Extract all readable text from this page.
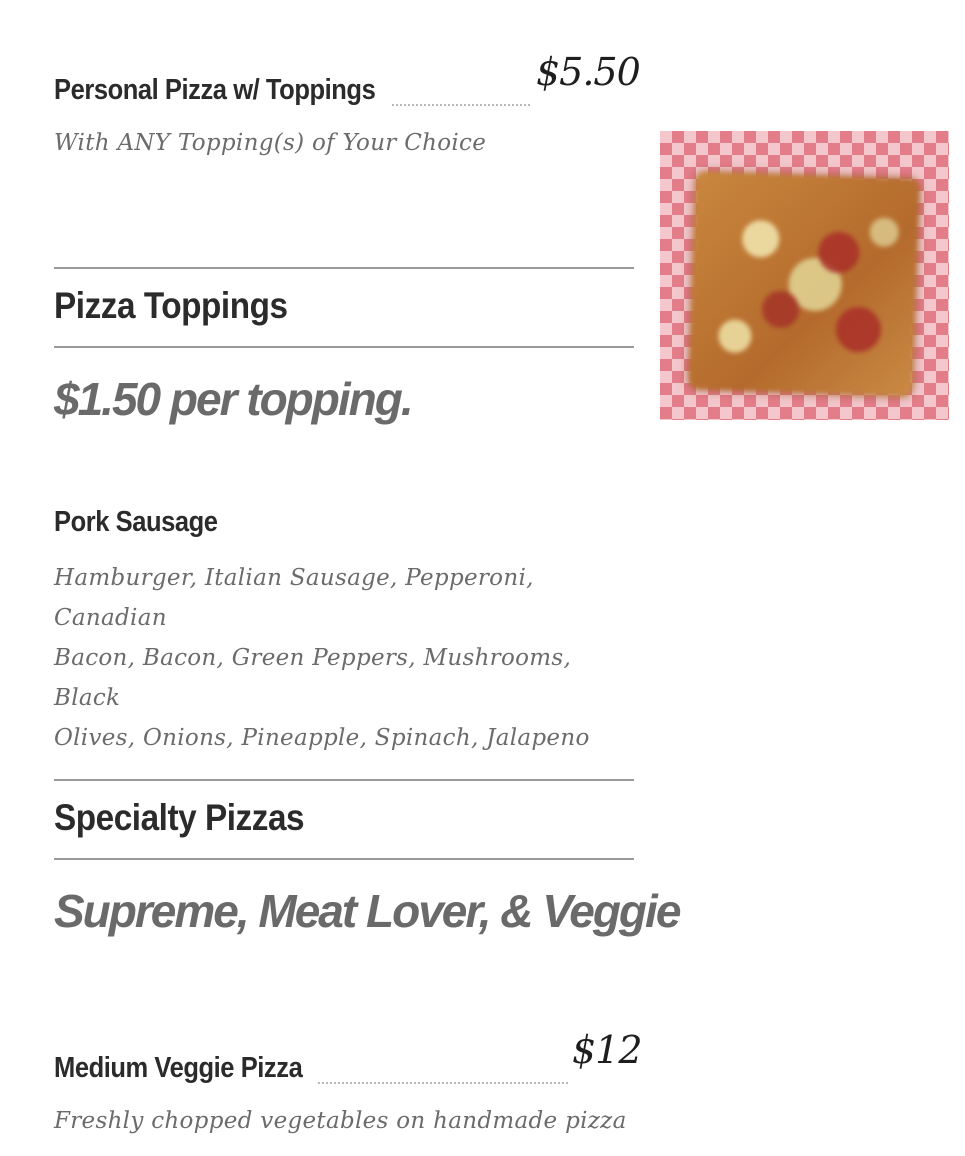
Personal Pizza w/ Toppings	$5.50
With ANY Topping(s) of Your Choice
Pizza Toppings
$1.50 per topping.
Pork Sausage
Hamburger, Italian Sausage, Pepperoni, Canadian
Bacon, Bacon, Green Peppers, Mushrooms, Black
Olives, Onions, Pineapple, Spinach, Jalapeno
Specialty Pizzas
Supreme, Meat Lover, & Veggie
Medium Veggie Pizza	$12
Freshly chopped vegetables on handmade pizza
